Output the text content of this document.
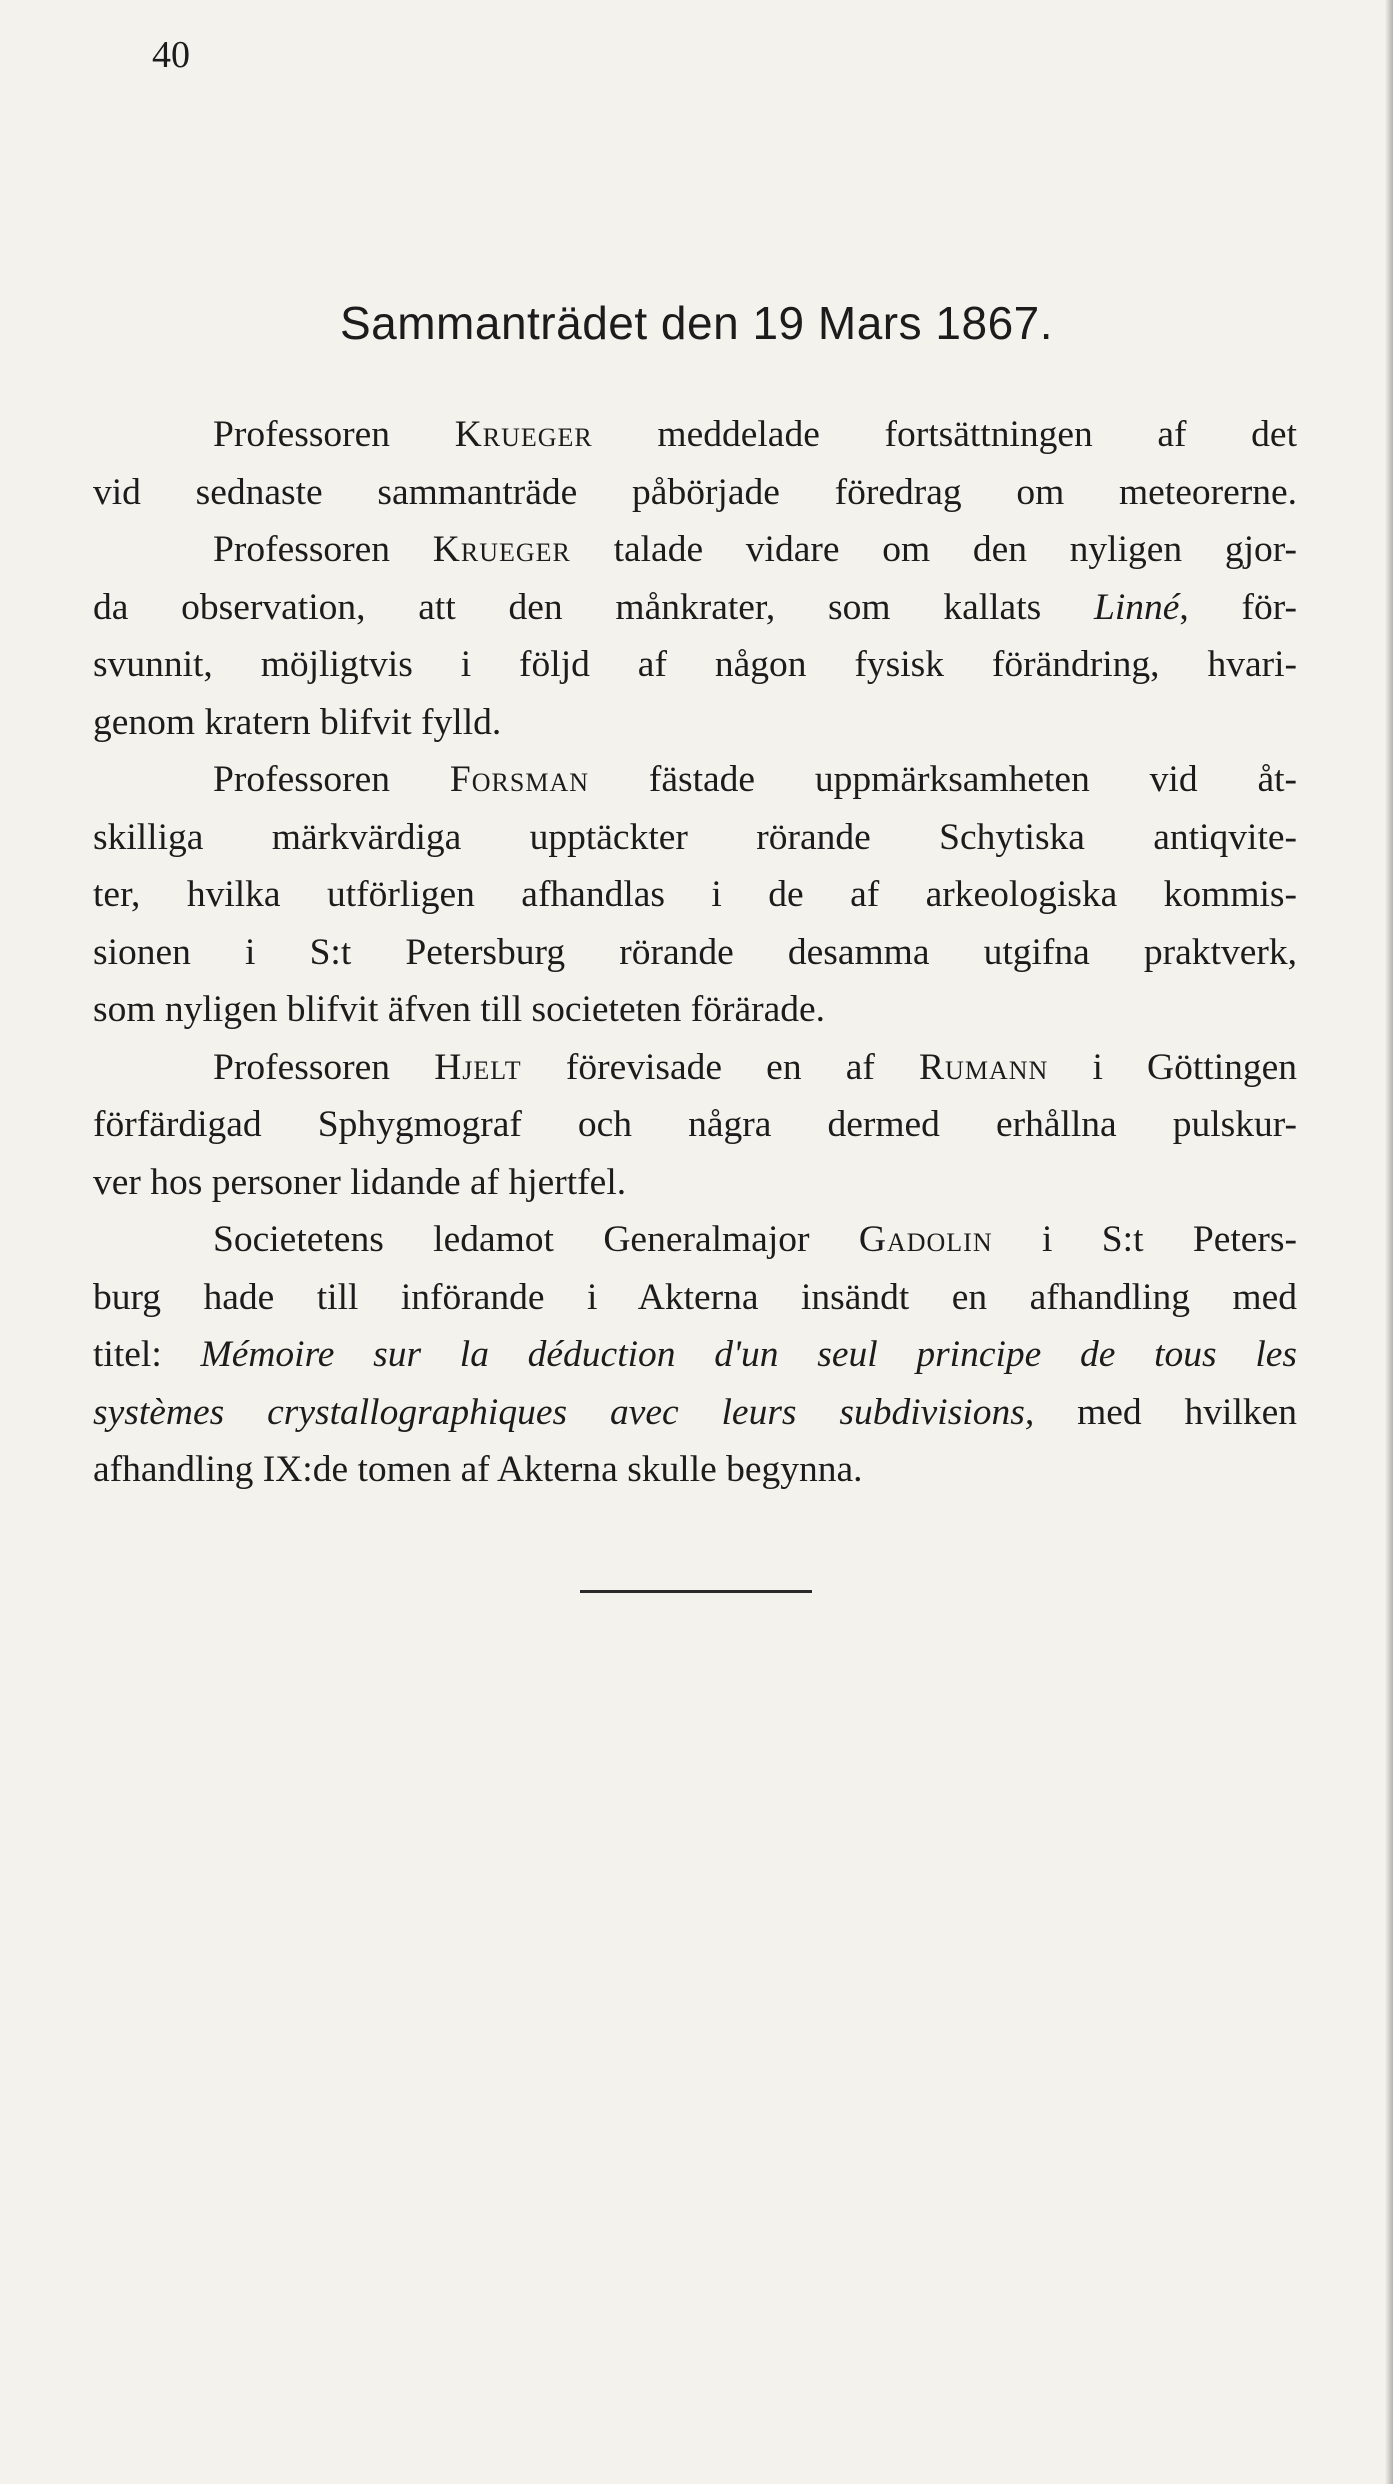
40
Sammanträdet den 19 Mars 1867.
Professoren Krueger meddelade fortsättningen af det
vid sednaste sammanträde påbörjade föredrag om meteorerne.
Professoren Krueger talade vidare om den nyligen gjor-
da observation, att den månkrater, som kallats Linné, för-
svunnit, möjligtvis i följd af någon fysisk förändring, hvari-
genom kratern blifvit fylld.
Professoren Forsman fästade uppmärksamheten vid åt-
skilliga märkvärdiga upptäckter rörande Schytiska antiqvite-
ter, hvilka utförligen afhandlas i de af arkeologiska kommis-
sionen i S:t Petersburg rörande desamma utgifna praktverk,
som nyligen blifvit äfven till societeten förärade.
Professoren Hjelt förevisade en af Rumann i Göttingen
förfärdigad Sphygmograf och några dermed erhållna pulskur-
ver hos personer lidande af hjertfel.
Societetens ledamot Generalmajor Gadolin i S:t Peters-
burg hade till införande i Akterna insändt en afhandling med
titel: Mémoire sur la déduction d'un seul principe de tous les
systèmes crystallographiques avec leurs subdivisions, med hvilken
afhandling IX:de tomen af Akterna skulle begynna.
